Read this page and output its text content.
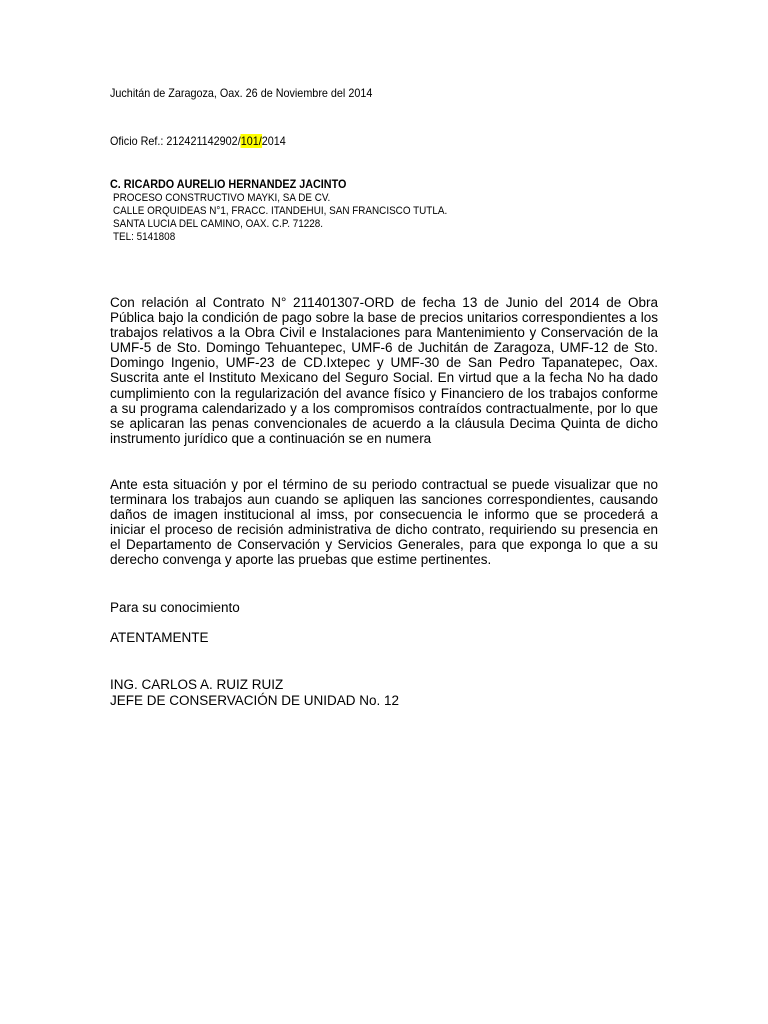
Juchitán de Zaragoza, Oax. 26 de Noviembre del 2014
Oficio Ref.: 212421142902/101/2014
C. RICARDO AURELIO HERNANDEZ JACINTO
PROCESO CONSTRUCTIVO MAYKI, SA DE CV.
CALLE ORQUIDEAS N°1, FRACC. ITANDEHUI, SAN FRANCISCO TUTLA.
SANTA LUCIA DEL CAMINO, OAX. C.P. 71228.
TEL: 5141808
Con relación al Contrato N° 211401307-ORD de fecha 13 de Junio del 2014 de Obra Pública bajo la condición de pago sobre la base de precios unitarios correspondientes a los trabajos relativos a la Obra Civil e Instalaciones para Mantenimiento y Conservación de la UMF-5 de Sto. Domingo Tehuantepec, UMF-6 de Juchitán de Zaragoza, UMF-12 de Sto. Domingo Ingenio, UMF-23 de CD.Ixtepec y UMF-30 de San Pedro Tapanatepec, Oax. Suscrita ante el Instituto Mexicano del Seguro Social. En virtud que a la fecha No ha dado cumplimiento con la regularización del avance físico y Financiero de los trabajos conforme a su programa calendarizado y a los compromisos contraídos contractualmente, por lo que se aplicaran las penas convencionales de acuerdo a la cláusula Decima Quinta de dicho instrumento jurídico que a continuación se en numera
Ante esta situación y por el término de su periodo contractual se puede visualizar que no terminara los trabajos aun cuando se apliquen las sanciones correspondientes, causando daños de imagen institucional al imss, por consecuencia le informo que se procederá a iniciar el proceso de recisión administrativa de dicho contrato, requiriendo su presencia en el Departamento de Conservación y Servicios Generales, para que exponga lo que a su derecho convenga y aporte las pruebas que estime pertinentes.
Para su conocimiento
ATENTAMENTE
ING. CARLOS A. RUIZ RUIZ
JEFE DE CONSERVACIÓN DE UNIDAD No. 12
